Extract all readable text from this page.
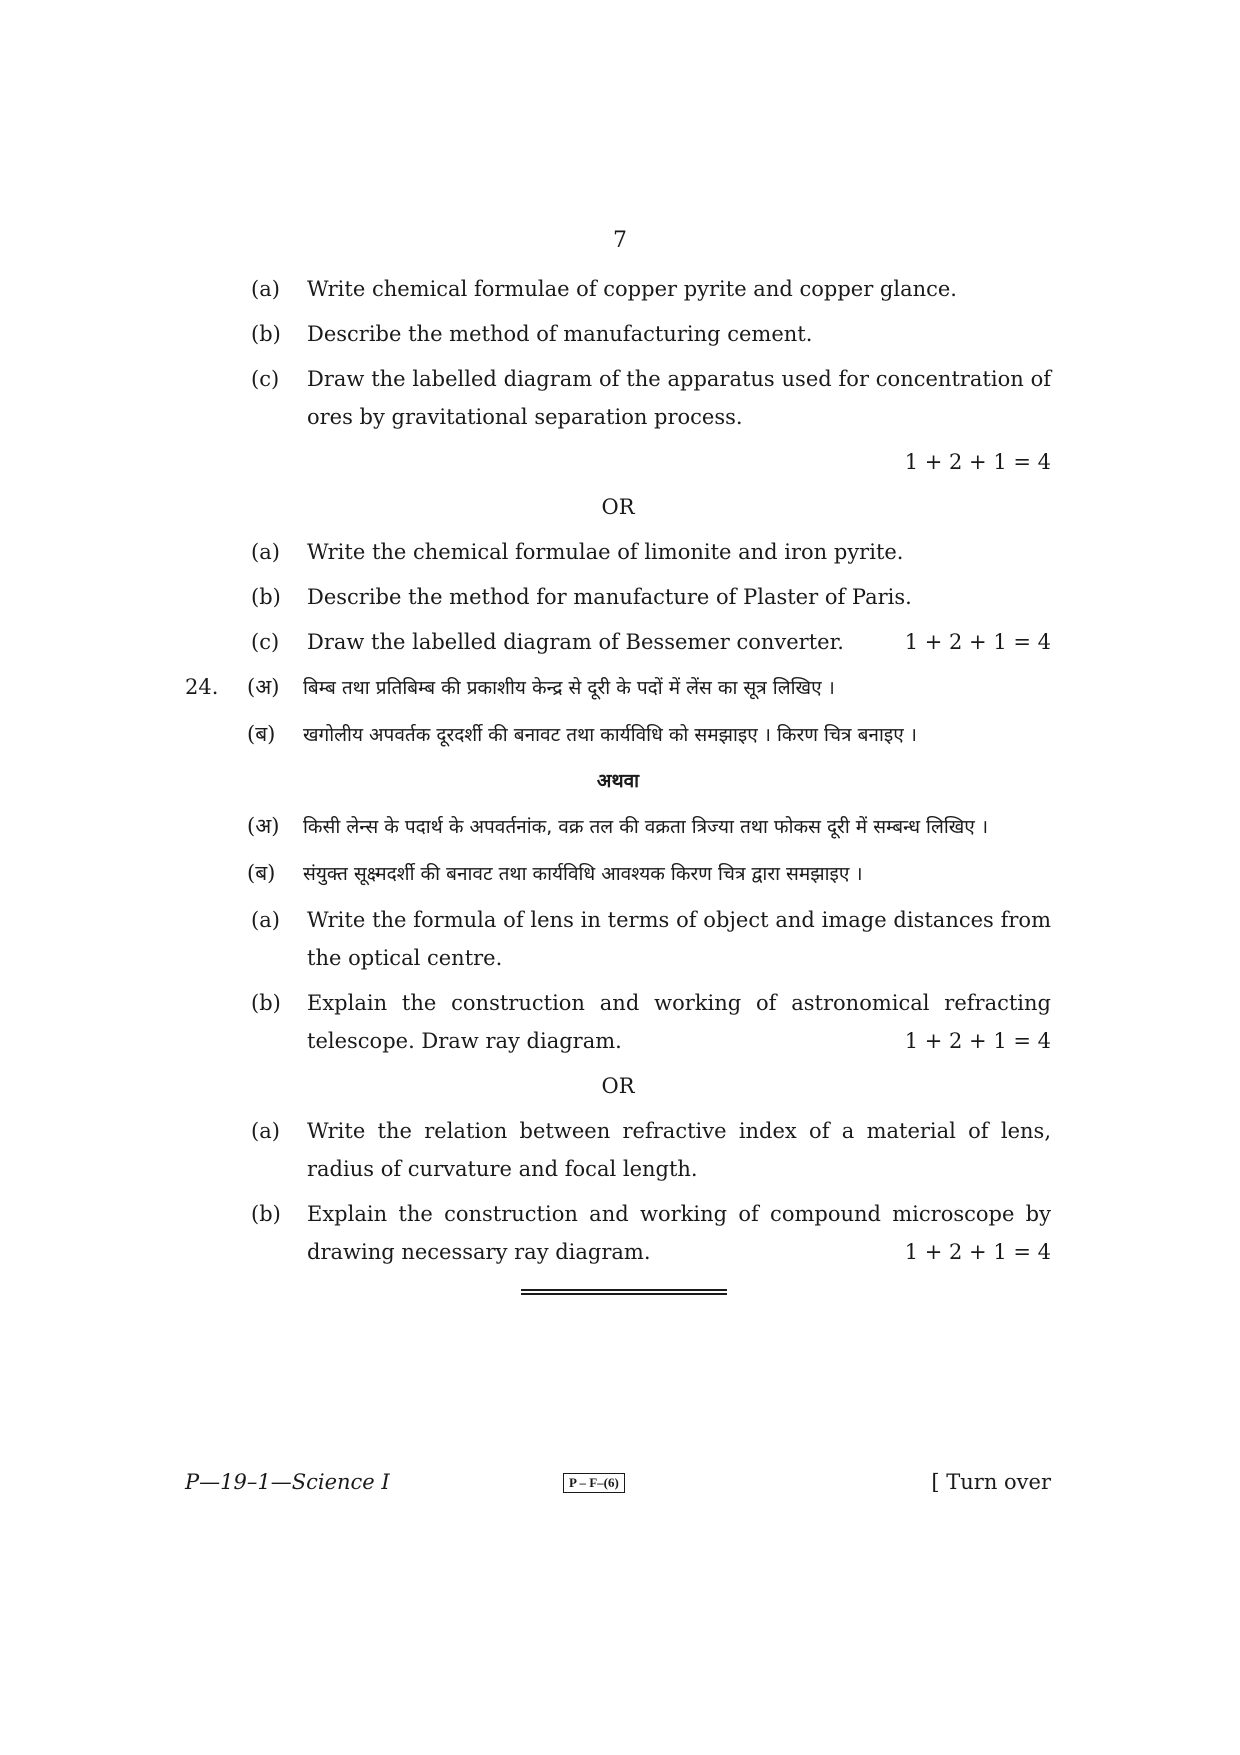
7
(a) Write chemical formulae of copper pyrite and copper glance.
(b) Describe the method of manufacturing cement.
(c) Draw the labelled diagram of the apparatus used for concentration of ores by gravitational separation process.
1 + 2 + 1 = 4
OR
(a) Write the chemical formulae of limonite and iron pyrite.
(b) Describe the method for manufacture of Plaster of Paris.
(c) Draw the labelled diagram of Bessemer converter.	1 + 2 + 1 = 4
24. (अ) बिम्ब तथा प्रतिबिम्ब की प्रकाशीय केन्द्र से दूरी के पदों में लेंस का सूत्र लिखिए ।
(ब) खगोलीय अपवर्तक दूरदर्शी की बनावट तथा कार्यविधि को समझाइए । किरण चित्र बनाइए ।
अथवा
(अ) किसी लेन्स के पदार्थ के अपवर्तनांक, वक्र तल की वक्रता त्रिज्या तथा फोकस दूरी में सम्बन्ध लिखिए ।
(ब) संयुक्त सूक्ष्मदर्शी की बनावट तथा कार्यविधि आवश्यक किरण चित्र द्वारा समझाइए ।
(a) Write the formula of lens in terms of object and image distances from the optical centre.
(b) Explain the construction and working of astronomical refracting telescope. Draw ray diagram.	1 + 2 + 1 = 4
OR
(a) Write the relation between refractive index of a material of lens, radius of curvature and focal length.
(b) Explain the construction and working of compound microscope by drawing necessary ray diagram.	1 + 2 + 1 = 4
P—19–1—Science I	P – F–(6)	[ Turn over
